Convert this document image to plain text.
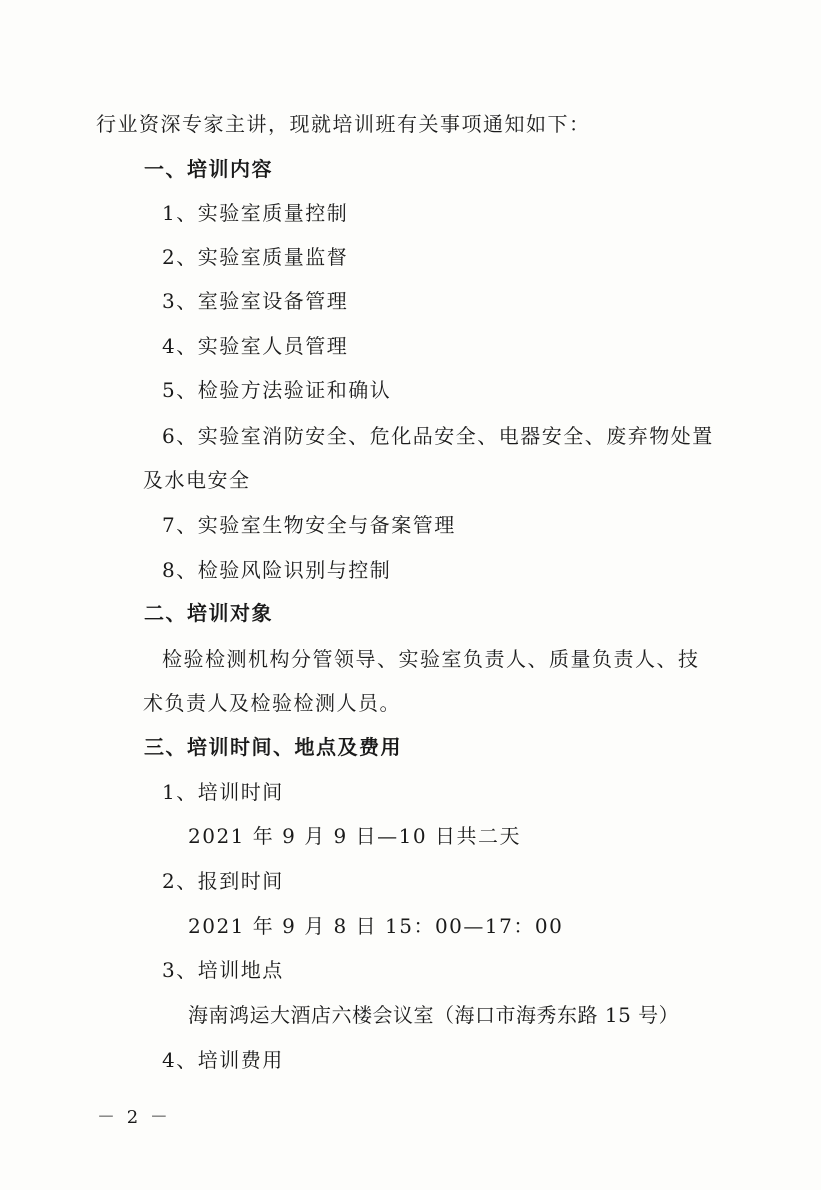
行业资深专家主讲，现就培训班有关事项通知如下：
一、培训内容
1、实验室质量控制
2、实验室质量监督
3、室验室设备管理
4、实验室人员管理
5、检验方法验证和确认
6、实验室消防安全、危化品安全、电器安全、废弃物处置
及水电安全
7、实验室生物安全与备案管理
8、检验风险识别与控制
二、培训对象
检验检测机构分管领导、实验室负责人、质量负责人、技
术负责人及检验检测人员。
三、培训时间、地点及费用
1、培训时间
2021 年 9 月 9 日—10 日共二天
2、报到时间
2021 年 9 月 8 日 15：00—17：00
3、培训地点
海南鸿运大酒店六楼会议室（海口市海秀东路 15 号）
4、培训费用
－ 2 －
